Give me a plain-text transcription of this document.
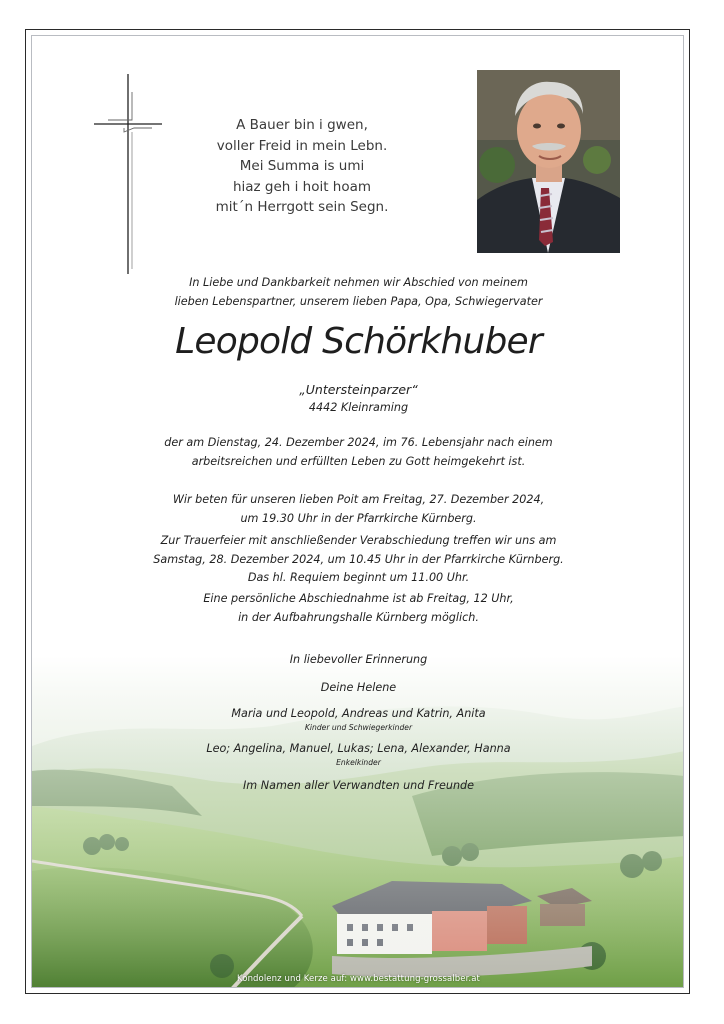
A Bauer bin i gwen,
voller Freid in mein Lebn.
Mei Summa is umi
hiaz geh i hoit hoam
mit´n Herrgott sein Segn.
In Liebe und Dankbarkeit nehmen wir Abschied von meinem
lieben Lebenspartner, unserem lieben Papa, Opa, Schwiegervater
Leopold Schörkhuber
„Untersteinparzer“
4442 Kleinraming
der am Dienstag, 24. Dezember 2024, im 76. Lebensjahr nach einem
arbeitsreichen und erfüllten Leben zu Gott heimgekehrt ist.
Wir beten für unseren lieben Poit am Freitag, 27. Dezember 2024,
um 19.30 Uhr in der Pfarrkirche Kürnberg.
Zur Trauerfeier mit anschließender Verabschiedung treffen wir uns am
Samstag, 28. Dezember 2024, um 10.45 Uhr in der Pfarrkirche Kürnberg.
Das hl. Requiem beginnt um 11.00 Uhr.
Eine persönliche Abschiednahme ist ab Freitag, 12 Uhr,
in der Aufbahrungshalle Kürnberg möglich.
In liebevoller Erinnerung
Deine Helene
Maria und Leopold, Andreas und Katrin, Anita
Kinder und Schwiegerkinder
Leo; Angelina, Manuel, Lukas; Lena, Alexander, Hanna
Enkelkinder
Im Namen aller Verwandten und Freunde
Kondolenz und Kerze auf: www.bestattung-grossalber.at
